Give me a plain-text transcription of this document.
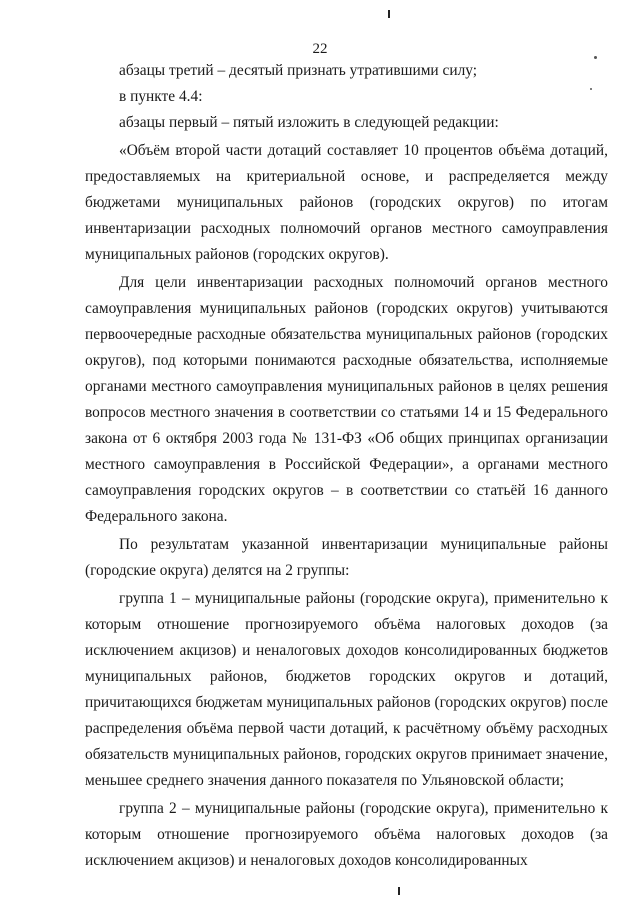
22

абзацы третий – десятый признать утратившими силу;

в пункте 4.4:

абзацы первый – пятый изложить в следующей редакции:

«Объём второй части дотаций составляет 10 процентов объёма дотаций, предоставляемых на критериальной основе, и распределяется между бюджетами муниципальных районов (городских округов) по итогам инвентаризации расходных полномочий органов местного самоуправления муниципальных районов (городских округов).

Для цели инвентаризации расходных полномочий органов местного самоуправления муниципальных районов (городских округов) учитываются первоочередные расходные обязательства муниципальных районов (городских округов), под которыми понимаются расходные обязательства, исполняемые органами местного самоуправления муниципальных районов в целях решения вопросов местного значения в соответствии со статьями 14 и 15 Федерального закона от 6 октября 2003 года № 131-ФЗ «Об общих принципах организации местного самоуправления в Российской Федерации», а органами местного самоуправления городских округов – в соответствии со статьёй 16 данного Федерального закона.

По результатам указанной инвентаризации муниципальные районы (городские округа) делятся на 2 группы:

группа 1 – муниципальные районы (городские округа), применительно к которым отношение прогнозируемого объёма налоговых доходов (за исключением акцизов) и неналоговых доходов консолидированных бюджетов муниципальных районов, бюджетов городских округов и дотаций, причитающихся бюджетам муниципальных районов (городских округов) после распределения объёма первой части дотаций, к расчётному объёму расходных обязательств муниципальных районов, городских округов принимает значение, меньшее среднего значения данного показателя по Ульяновской области;

группа 2 – муниципальные районы (городские округа), применительно к которым отношение прогнозируемого объёма налоговых доходов (за исключением акцизов) и неналоговых доходов консолидированных
